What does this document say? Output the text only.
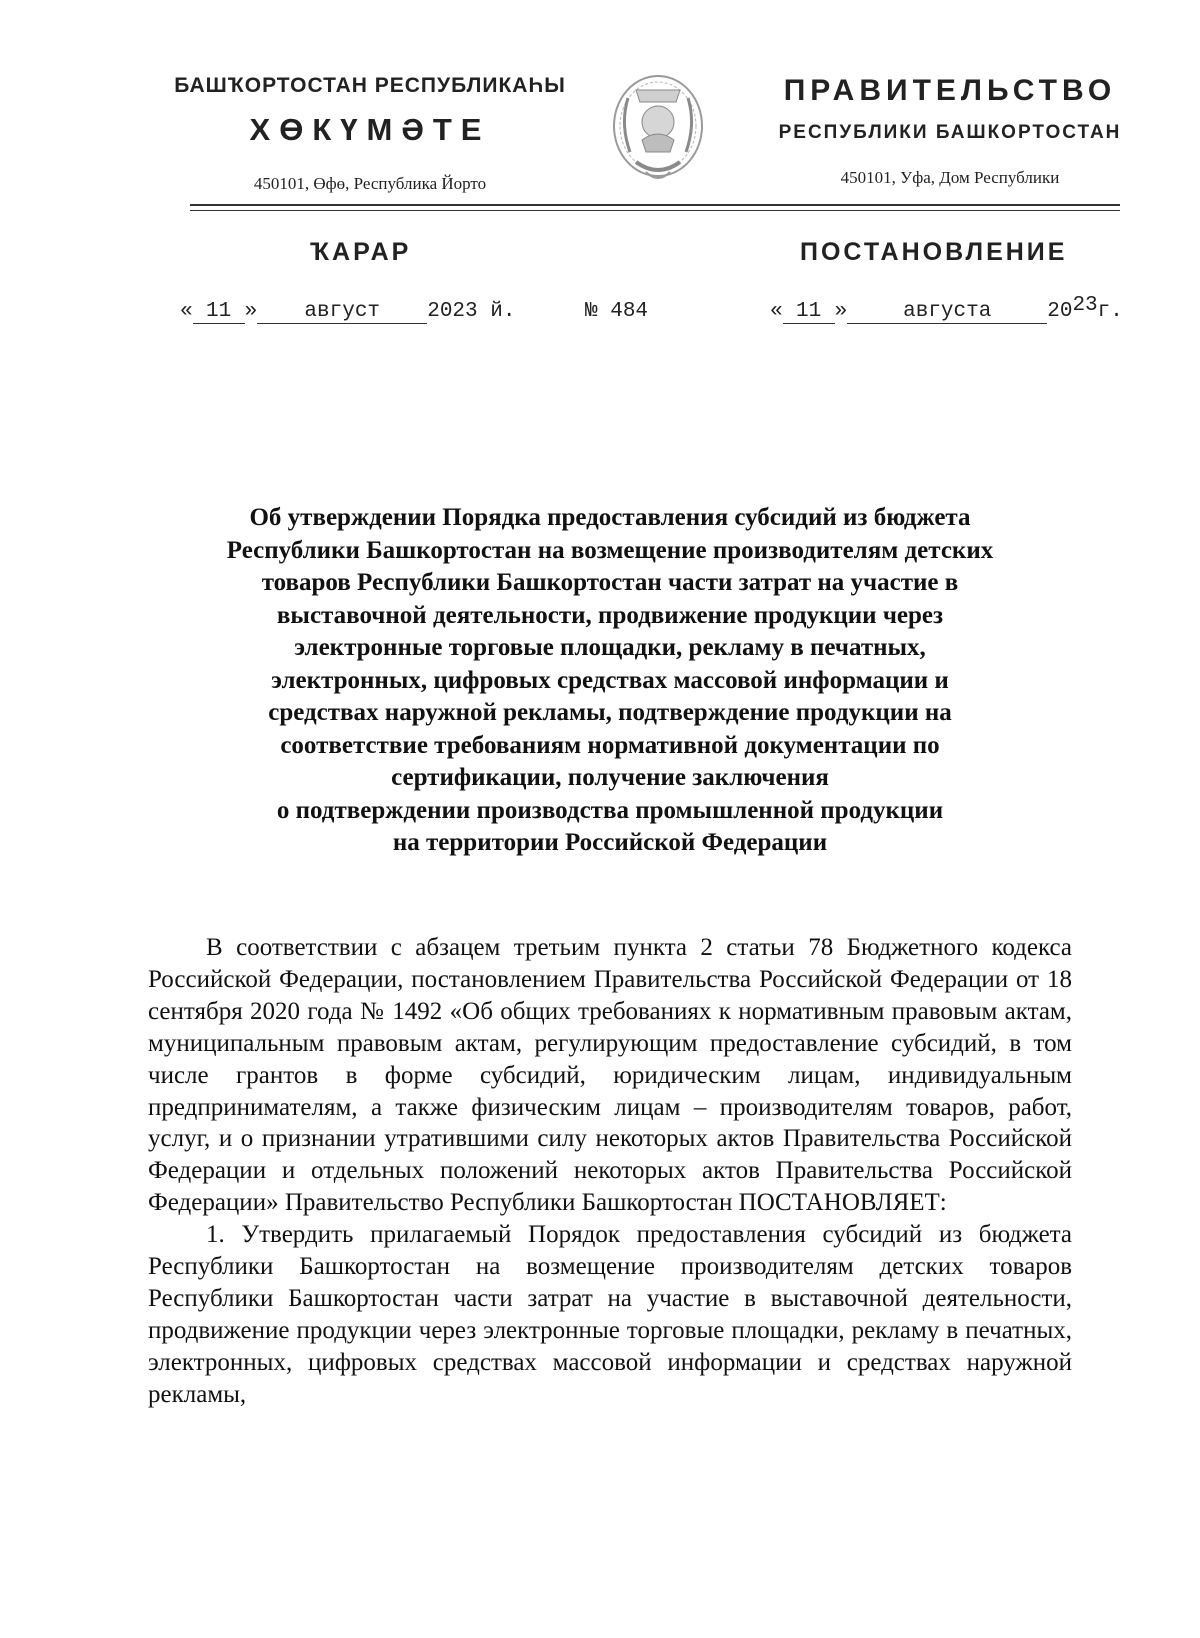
БАШҠОРТОСТАН РЕСПУБЛИКАҺЫ
ХӨКҮМӘТЕ
450101, Өфө, Республика Йорто
ПРАВИТЕЛЬСТВО
РЕСПУБЛИКИ БАШКОРТОСТАН
450101, Уфа, Дом Республики
ҠАРАР	ПОСТАНОВЛЕНИЕ
« 11 » август 2023 й.	№ 484	« 11 »	августа	2023г.
Об утверждении Порядка предоставления субсидий из бюджета
Республики Башкортостан на возмещение производителям детских
товаров Республики Башкортостан части затрат на участие в
выставочной деятельности, продвижение продукции через
электронные торговые площадки, рекламу в печатных,
электронных, цифровых средствах массовой информации и
средствах наружной рекламы, подтверждение продукции на
соответствие требованиям нормативной документации по
сертификации, получение заключения
о подтверждении производства промышленной продукции
на территории Российской Федерации

В соответствии с абзацем третьим пункта 2 статьи 78 Бюджетного кодекса Российской Федерации, постановлением Правительства Российской Федерации от 18 сентября 2020 года № 1492 «Об общих требованиях к нормативным правовым актам, муниципальным правовым актам, регулирующим предоставление субсидий, в том числе грантов в форме субсидий, юридическим лицам, индивидуальным предпринимателям, а также физическим лицам – производителям товаров, работ, услуг, и о признании утратившими силу некоторых актов Правительства Российской Федерации и отдельных положений некоторых актов Правительства Российской Федерации» Правительство Республики Башкортостан ПОСТАНОВЛЯЕТ:

1. Утвердить прилагаемый Порядок предоставления субсидий из бюджета Республики Башкортостан на возмещение производителям детских товаров Республики Башкортостан части затрат на участие в выставочной деятельности, продвижение продукции через электронные торговые площадки, рекламу в печатных, электронных, цифровых средствах массовой информации и средствах наружной рекламы,
